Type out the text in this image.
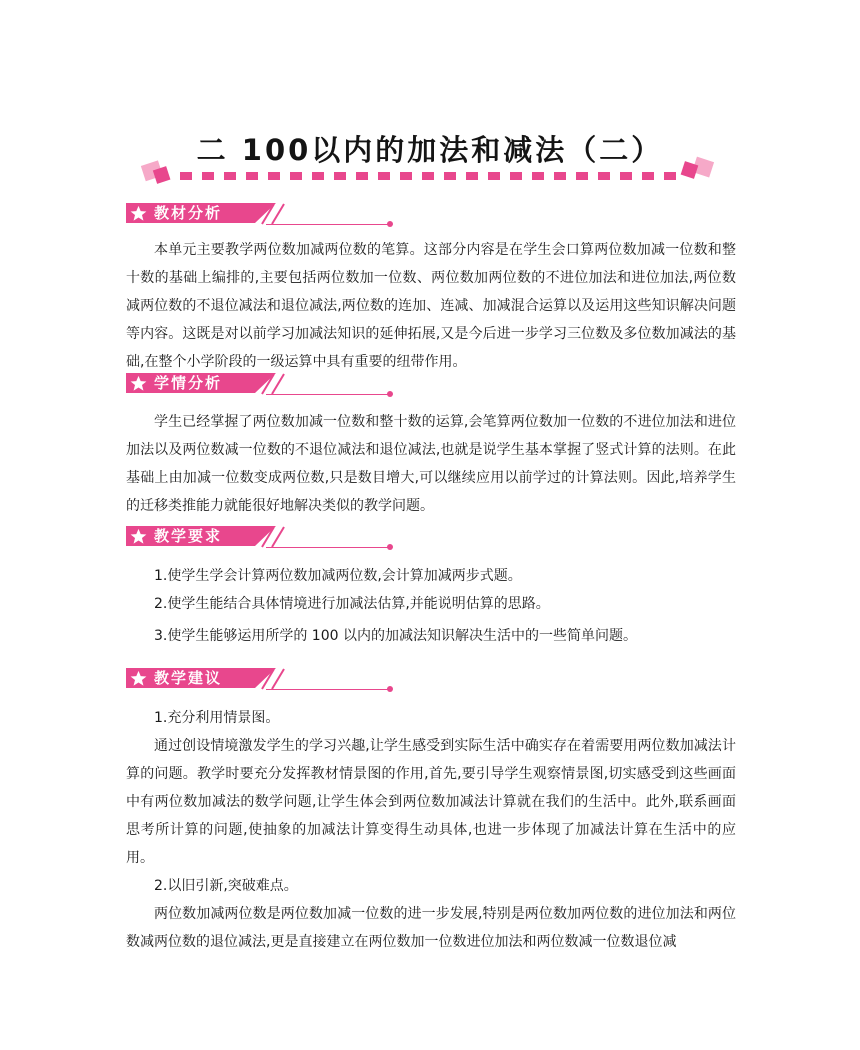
二 100以内的加法和减法（二）
教材分析

本单元主要教学两位数加减两位数的笔算。这部分内容是在学生会口算两位数加减一位数和整十数的基础上编排的,主要包括两位数加一位数、两位数加两位数的不进位加法和进位加法,两位数减两位数的不退位减法和退位减法,两位数的连加、连减、加减混合运算以及运用这些知识解决问题等内容。这既是对以前学习加减法知识的延伸拓展,又是今后进一步学习三位数及多位数加减法的基础,在整个小学阶段的一级运算中具有重要的纽带作用。

学情分析

学生已经掌握了两位数加减一位数和整十数的运算,会笔算两位数加一位数的不进位加法和进位加法以及两位数减一位数的不退位减法和退位减法,也就是说学生基本掌握了竖式计算的法则。在此基础上由加减一位数变成两位数,只是数目增大,可以继续应用以前学过的计算法则。因此,培养学生的迁移类推能力就能很好地解决类似的教学问题。

教学要求

1.使学生学会计算两位数加减两位数,会计算加减两步式题。

2.使学生能结合具体情境进行加减法估算,并能说明估算的思路。

3.使学生能够运用所学的 100 以内的加减法知识解决生活中的一些简单问题。

教学建议

1.充分利用情景图。

通过创设情境激发学生的学习兴趣,让学生感受到实际生活中确实存在着需要用两位数加减法计算的问题。教学时要充分发挥教材情景图的作用,首先,要引导学生观察情景图,切实感受到这些画面中有两位数加减法的数学问题,让学生体会到两位数加减法计算就在我们的生活中。此外,联系画面思考所计算的问题,使抽象的加减法计算变得生动具体,也进一步体现了加减法计算在生活中的应用。

2.以旧引新,突破难点。

两位数加减两位数是两位数加减一位数的进一步发展,特别是两位数加两位数的进位加法和两位数减两位数的退位减法,更是直接建立在两位数加一位数进位加法和两位数减一位数退位减
